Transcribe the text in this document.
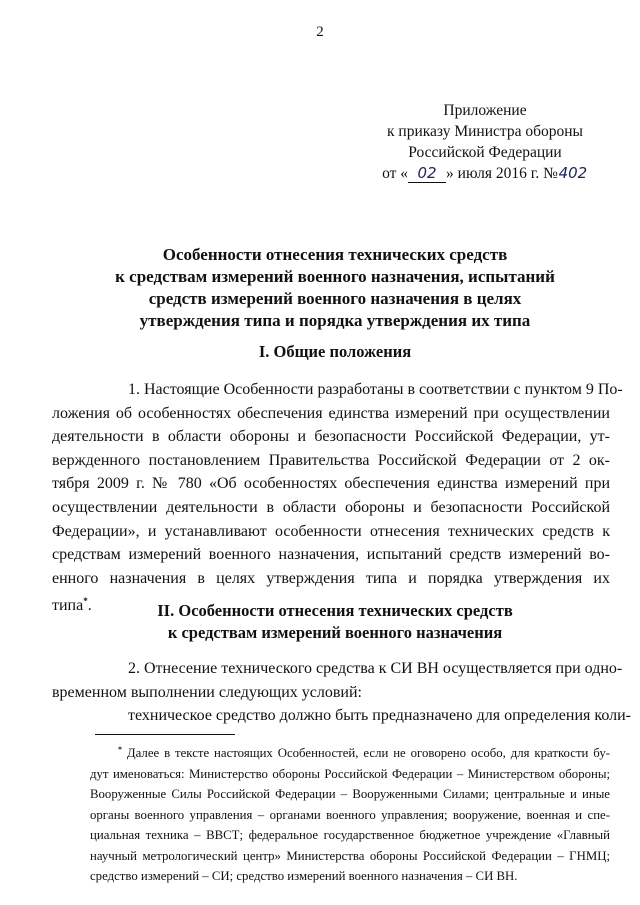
2
Приложение
к приказу Министра обороны
Российской Федерации
от « 02 » июля 2016 г. №402
Особенности отнесения технических средств
к средствам измерений военного назначения, испытаний
средств измерений военного назначения в целях
утверждения типа и порядка утверждения их типа
I. Общие положения
1. Настоящие Особенности разработаны в соответствии с пунктом 9 По-
ложения об особенностях обеспечения единства измерений при осуществлении
деятельности в области обороны и безопасности Российской Федерации, ут-
вержденного постановлением Правительства Российской Федерации от 2 ок-
тября 2009 г. № 780 «Об особенностях обеспечения единства измерений при
осуществлении деятельности в области обороны и безопасности Российской
Федерации», и устанавливают особенности отнесения технических средств к
средствам измерений военного назначения, испытаний средств измерений во-
енного назначения в целях утверждения типа и порядка утверждения их
типа*.	II. Особенности отнесения технических средств
к средствам измерений военного назначения
2. Отнесение технического средства к СИ ВН осуществляется при одно-
временном выполнении следующих условий:
техническое средство должно быть предназначено для определения коли-
* Далее в тексте настоящих Особенностей, если не оговорено особо, для краткости бу-
дут именоваться: Министерство обороны Российской Федерации – Министерством обороны;
Вооруженные Силы Российской Федерации – Вооруженными Силами; центральные и иные
органы военного управления – органами военного управления; вооружение, военная и спе-
циальная техника – ВВСТ; федеральное государственное бюджетное учреждение «Главный
научный метрологический центр» Министерства обороны Российской Федерации – ГНМЦ;
средство измерений – СИ; средство измерений военного назначения – СИ ВН.
